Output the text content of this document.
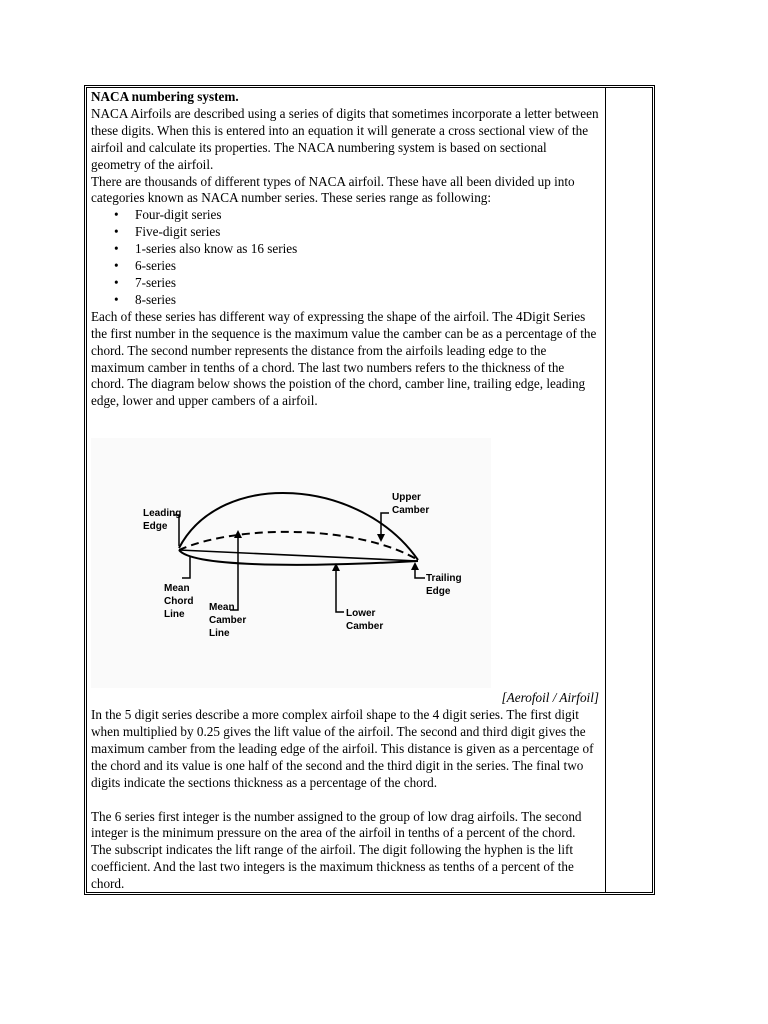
NACA numbering system.

NACA Airfoils are described using a series of digits that sometimes incorporate a letter between these digits. When this is entered into an equation it will generate a cross sectional view of the airfoil and calculate its properties. The NACA numbering system is based on sectional geometry of the airfoil.

There are thousands of different types of NACA airfoil. These have all been divided up into categories known as NACA number series. These series range as following:

• Four-digit series
• Five-digit series
• 1-series also know as 16 series
• 6-series
• 7-series
• 8-series

Each of these series has different way of expressing the shape of the airfoil. The 4Digit Series the first number in the sequence is the maximum value the camber can be as a percentage of the chord. The second number represents the distance from the airfoils leading edge to the maximum camber in tenths of a chord. The last two numbers refers to the thickness of the chord. The diagram below shows the poistion of the chord, camber line, trailing edge, leading edge, lower and upper cambers of a airfoil.

Leading Edge
Upper Camber
Trailing Edge
Mean Chord Line
Mean Camber Line
Lower Camber

[Aerofoil / Airfoil]

In the 5 digit series describe a more complex airfoil shape to the 4 digit series. The first digit when multiplied by 0.25 gives the lift value of the airfoil. The second and third digit gives the maximum camber from the leading edge of the airfoil. This distance is given as a percentage of the chord and its value is one half of the second and the third digit in the series. The final two digits indicate the sections thickness as a percentage of the chord.

The 6 series first integer is the number assigned to the group of low drag airfoils. The second integer is the minimum pressure on the area of the airfoil in tenths of a percent of the chord. The subscript indicates the lift range of the airfoil. The digit following the hyphen is the lift coefficient. And the last two integers is the maximum thickness as tenths of a percent of the chord.
